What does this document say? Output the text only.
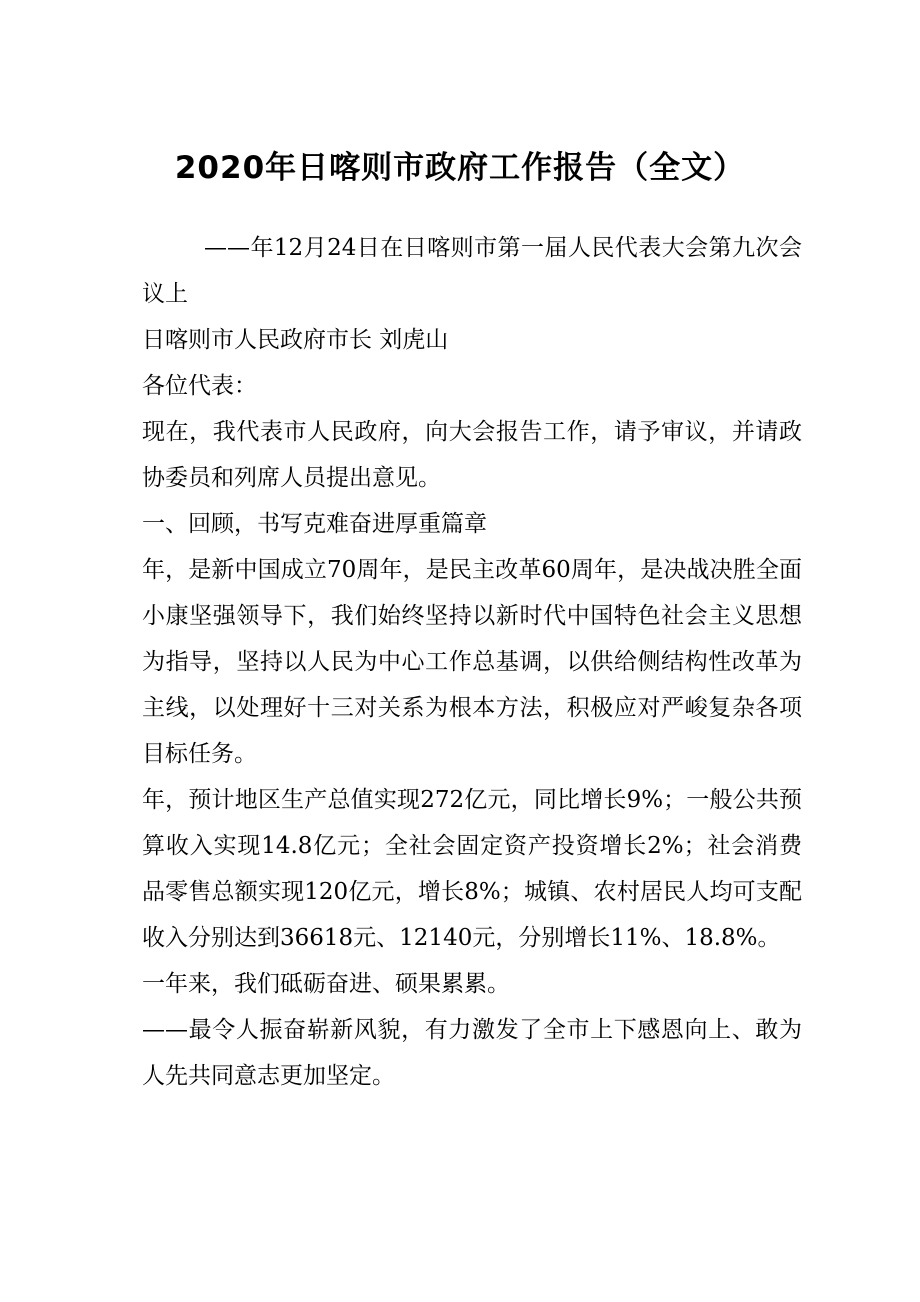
2020年日喀则市政府工作报告（全文）

——年12月24日在日喀则市第一届人民代表大会第九次会议上

日喀则市人民政府市长 刘虎山

各位代表：

现在，我代表市人民政府，向大会报告工作，请予审议，并请政协委员和列席人员提出意见。

一、回顾，书写克难奋进厚重篇章

年，是新中国成立70周年，是民主改革60周年，是决战决胜全面小康坚强领导下，我们始终坚持以新时代中国特色社会主义思想为指导，坚持以人民为中心工作总基调，以供给侧结构性改革为主线，以处理好十三对关系为根本方法，积极应对严峻复杂各项目标任务。

年，预计地区生产总值实现272亿元，同比增长9%；一般公共预算收入实现14.8亿元；全社会固定资产投资增长2%；社会消费品零售总额实现120亿元，增长8%；城镇、农村居民人均可支配收入分别达到36618元、12140元，分别增长11%、18.8%。

一年来，我们砥砺奋进、硕果累累。

——最令人振奋崭新风貌，有力激发了全市上下感恩向上、敢为人先共同意志更加坚定。
